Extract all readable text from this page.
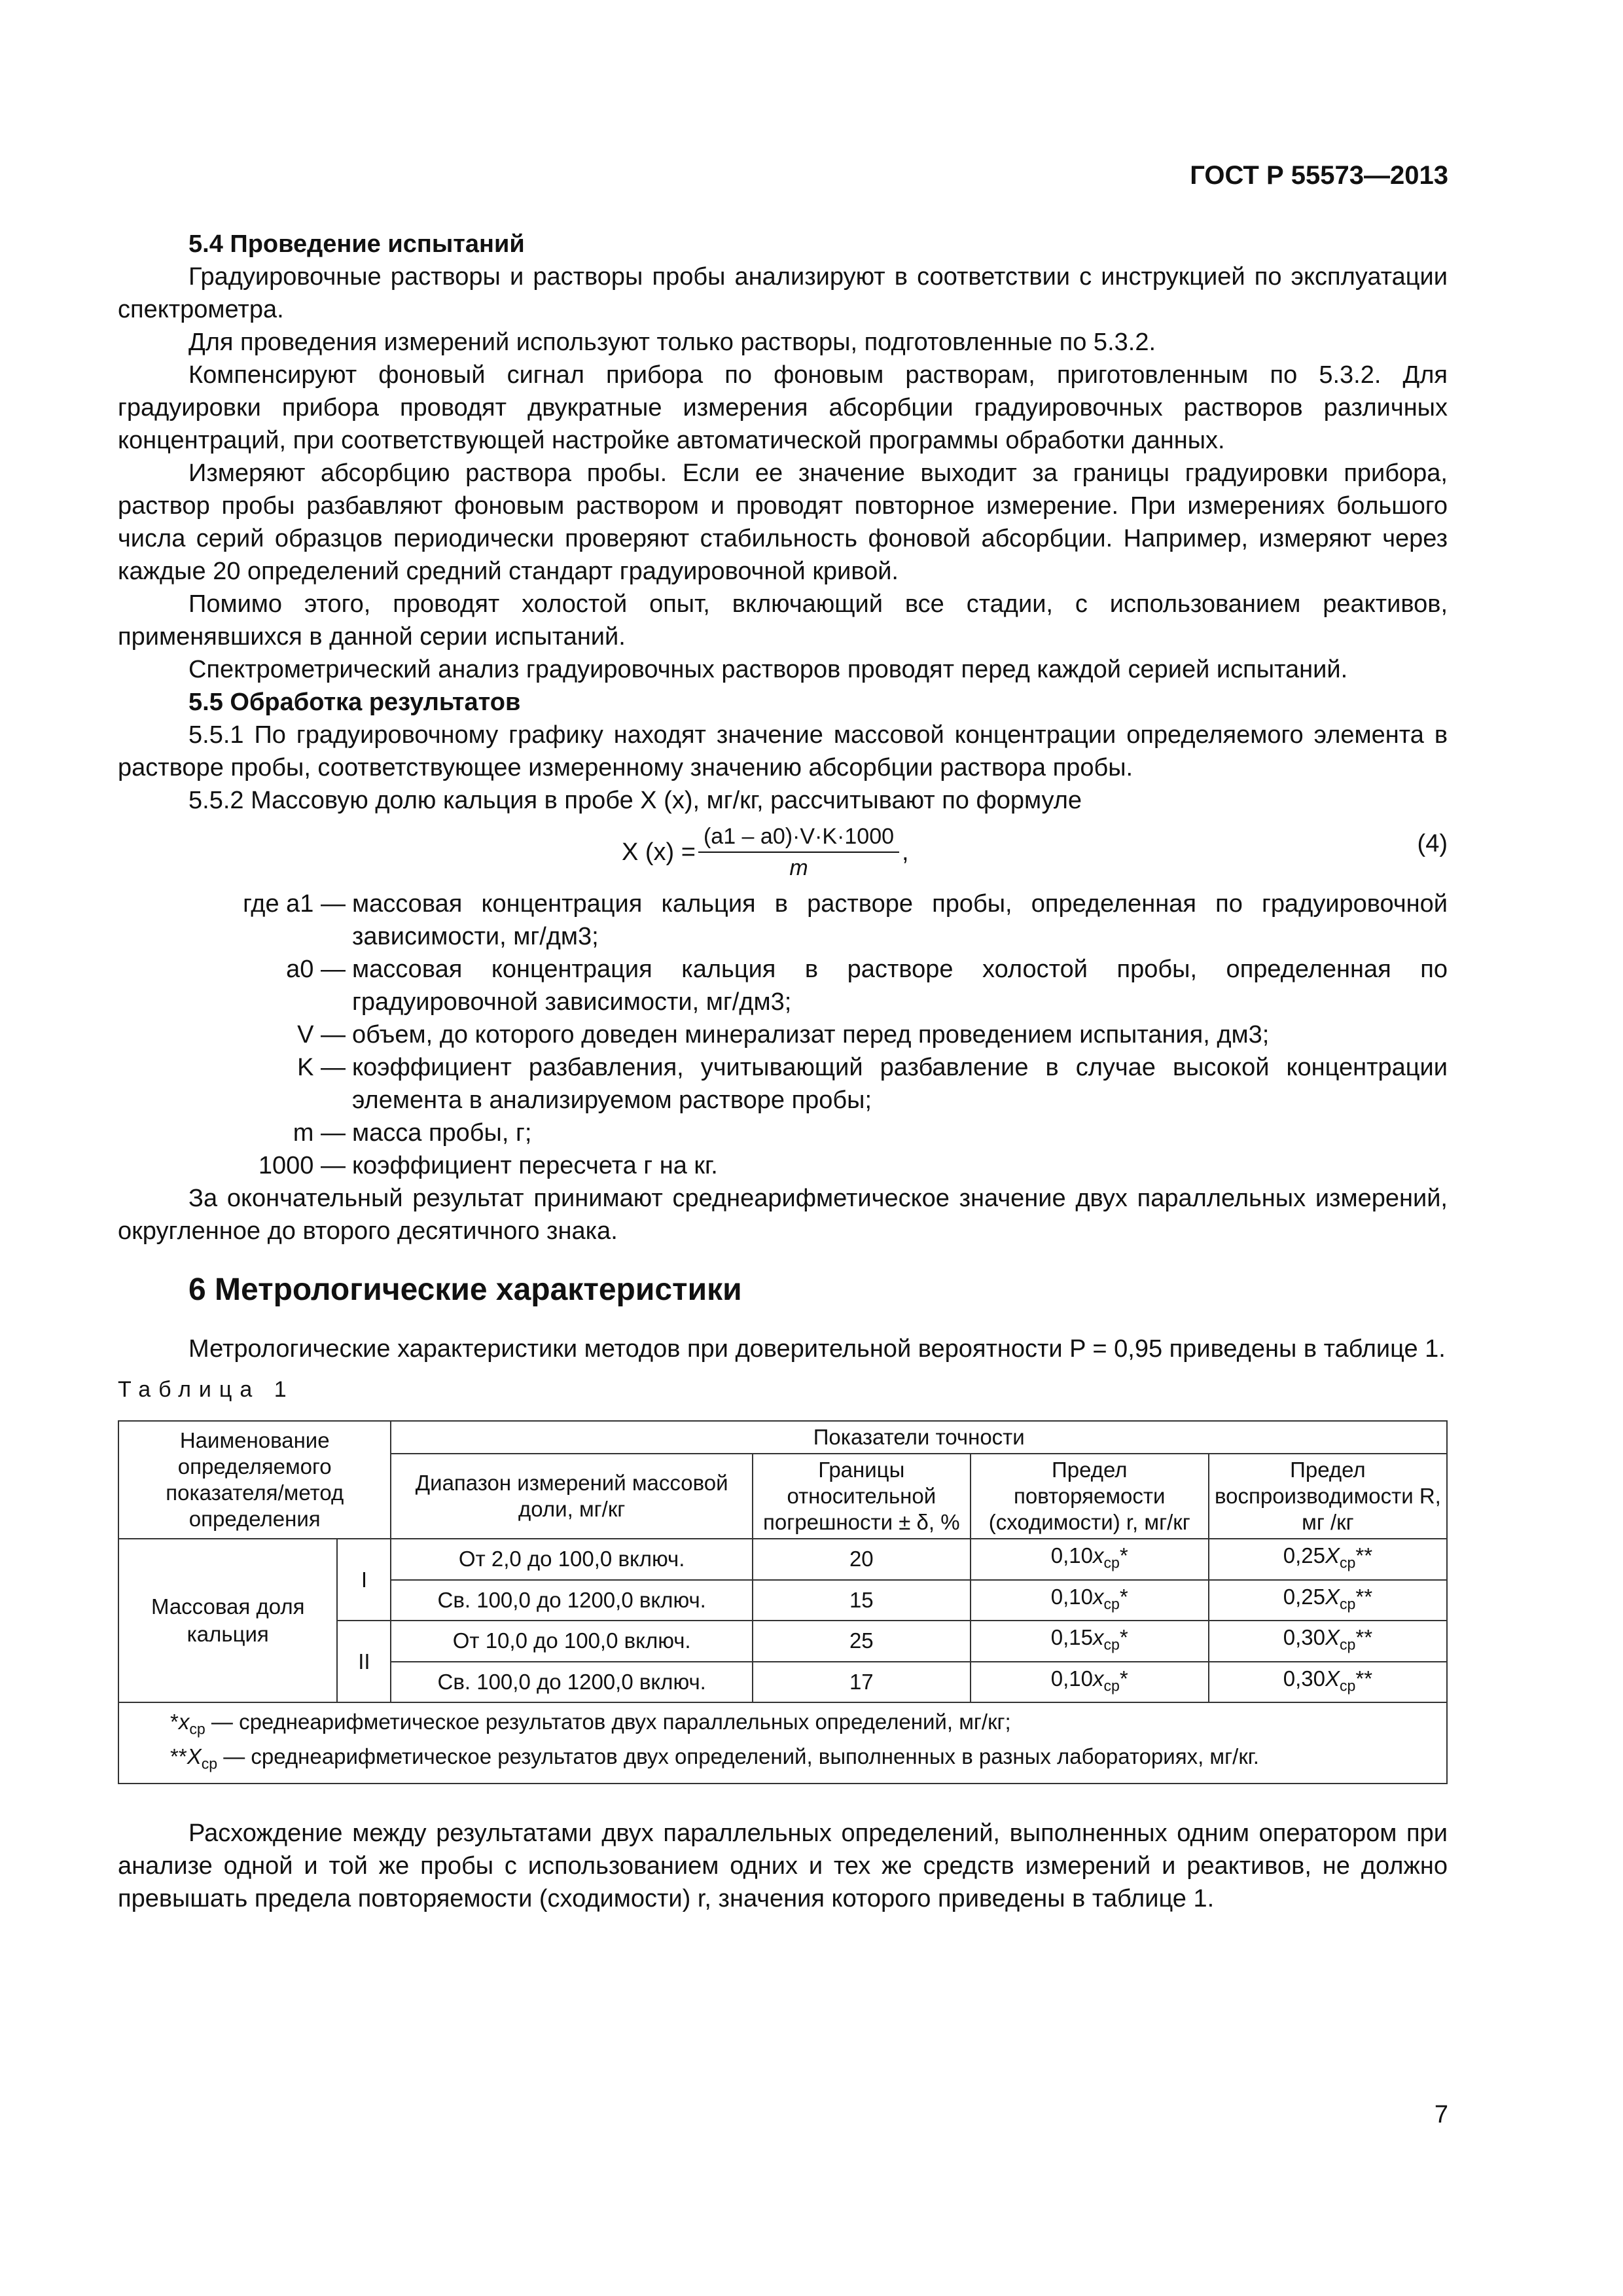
ГОСТ Р 55573—2013

5.4 Проведение испытаний

Градуировочные растворы и растворы пробы анализируют в соответствии с инструкцией по эксплуатации спектрометра.

Для проведения измерений используют только растворы, подготовленные по 5.3.2.

Компенсируют фоновый сигнал прибора по фоновым растворам, приготовленным по 5.3.2. Для градуировки прибора проводят двукратные измерения абсорбции градуировочных растворов различных концентраций, при соответствующей настройке автоматической программы обработки данных.

Измеряют абсорбцию раствора пробы. Если ее значение выходит за границы градуировки прибора, раствор пробы разбавляют фоновым раствором и проводят повторное измерение. При измерениях большого числа серий образцов периодически проверяют стабильность фоновой абсорбции. Например, измеряют через каждые 20 определений средний стандарт градуировочной кривой.

Помимо этого, проводят холостой опыт, включающий все стадии, с использованием реактивов, применявшихся в данной серии испытаний.

Спектрометрический анализ градуировочных растворов проводят перед каждой серией испытаний.

5.5 Обработка результатов

5.5.1 По градуировочному графику находят значение массовой концентрации определяемого элемента в растворе пробы, соответствующее измеренному значению абсорбции раствора пробы.

5.5.2 Массовую долю кальция в пробе X (x), мг/кг, рассчитывают по формуле

X $(x) = \frac{(a1 - a0)\cdot V\cdot K\cdot 1000}{m}$ ,	(4)
где a1 — массовая концентрация кальция в растворе пробы, определенная по градуировочной зависимости, мг/дм3;
a0 — массовая концентрация кальция в растворе холостой пробы, определенная по градуировочной зависимости, мг/дм3;
V — объем, до которого доведен минерализат перед проведением испытания, дм3;
K — коэффициент разбавления, учитывающий разбавление в случае высокой концентрации элемента в анализируемом растворе пробы;
m — масса пробы, г;
1000 — коэффициент пересчета г на кг.

За окончательный результат принимают среднеарифметическое значение двух параллельных измерений, округленное до второго десятичного знака.

6 Метрологические характеристики

Метрологические характеристики методов при доверительной вероятности P = 0,95 приведены в таблице 1.

Таблица 1
Наименование определяемого показателя/метод определения		Показатели точности			
		Диапазон измерений массовой доли, мг/кг	Границы относительной погрешности ± δ, %	Предел повторяемости (сходимости) r, мг/кг	Предел воспроизводимости R, мг /кг
Массовая доля кальция	I	От 2,0 до 100,0 включ.	20	$0,10x_{ср}*$	$0,25X_{ср}**$
		Св. 100,0 до 1200,0 включ.	15	$0,10x_{ср}*$	$0,25X_{ср}**$
	II	От 10,0 до 100,0 включ.	25	$0,15x_{ср}*$	$0,30X_{ср}**$
		Св. 100,0 до 1200,0 включ.	17	$0,10x_{ср}*$	$0,30X_{ср}**$

$*x_{ср}$ — среднеарифметическое результатов двух параллельных определений, мг/кг;
$**X_{ср}$ — среднеарифметическое результатов двух определений, выполненных в разных лабораториях, мг/кг.					

Расхождение между результатами двух параллельных определений, выполненных одним оператором при анализе одной и той же пробы с использованием одних и тех же средств измерений и реактивов, не должно превышать предела повторяемости (сходимости) r, значения которого приведены в таблице 1.

7
